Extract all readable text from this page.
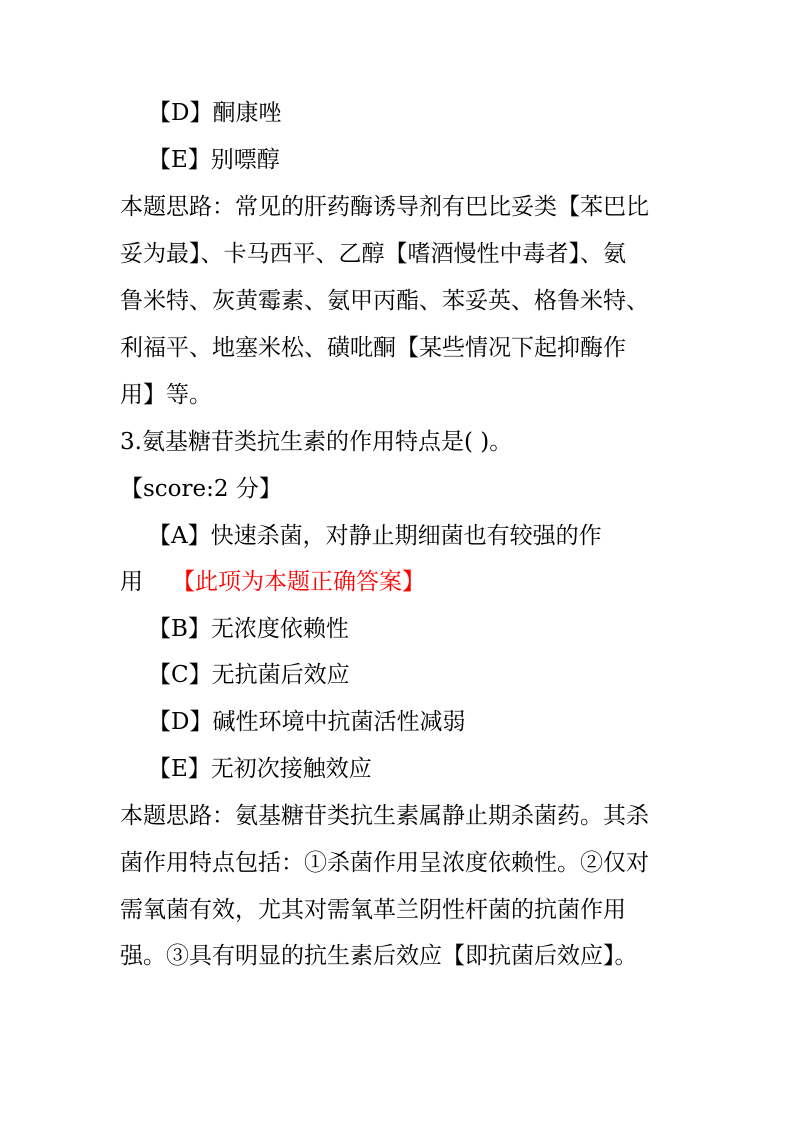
【D】酮康唑
【E】别嘌醇
本题思路：常见的肝药酶诱导剂有巴比妥类【苯巴比
妥为最】、卡马西平、乙醇【嗜酒慢性中毒者】、氨
鲁米特、灰黄霉素、氨甲丙酯、苯妥英、格鲁米特、
利福平、地塞米松、磺吡酮【某些情况下起抑酶作
用】等。
3.氨基糖苷类抗生素的作用特点是( )。
【score:2 分】
【A】快速杀菌，对静止期细菌也有较强的作
用 【此项为本题正确答案】
【B】无浓度依赖性
【C】无抗菌后效应
【D】碱性环境中抗菌活性减弱
【E】无初次接触效应
本题思路：氨基糖苷类抗生素属静止期杀菌药。其杀
菌作用特点包括：①杀菌作用呈浓度依赖性。②仅对
需氧菌有效，尤其对需氧革兰阴性杆菌的抗菌作用
强。③具有明显的抗生素后效应【即抗菌后效应】。
